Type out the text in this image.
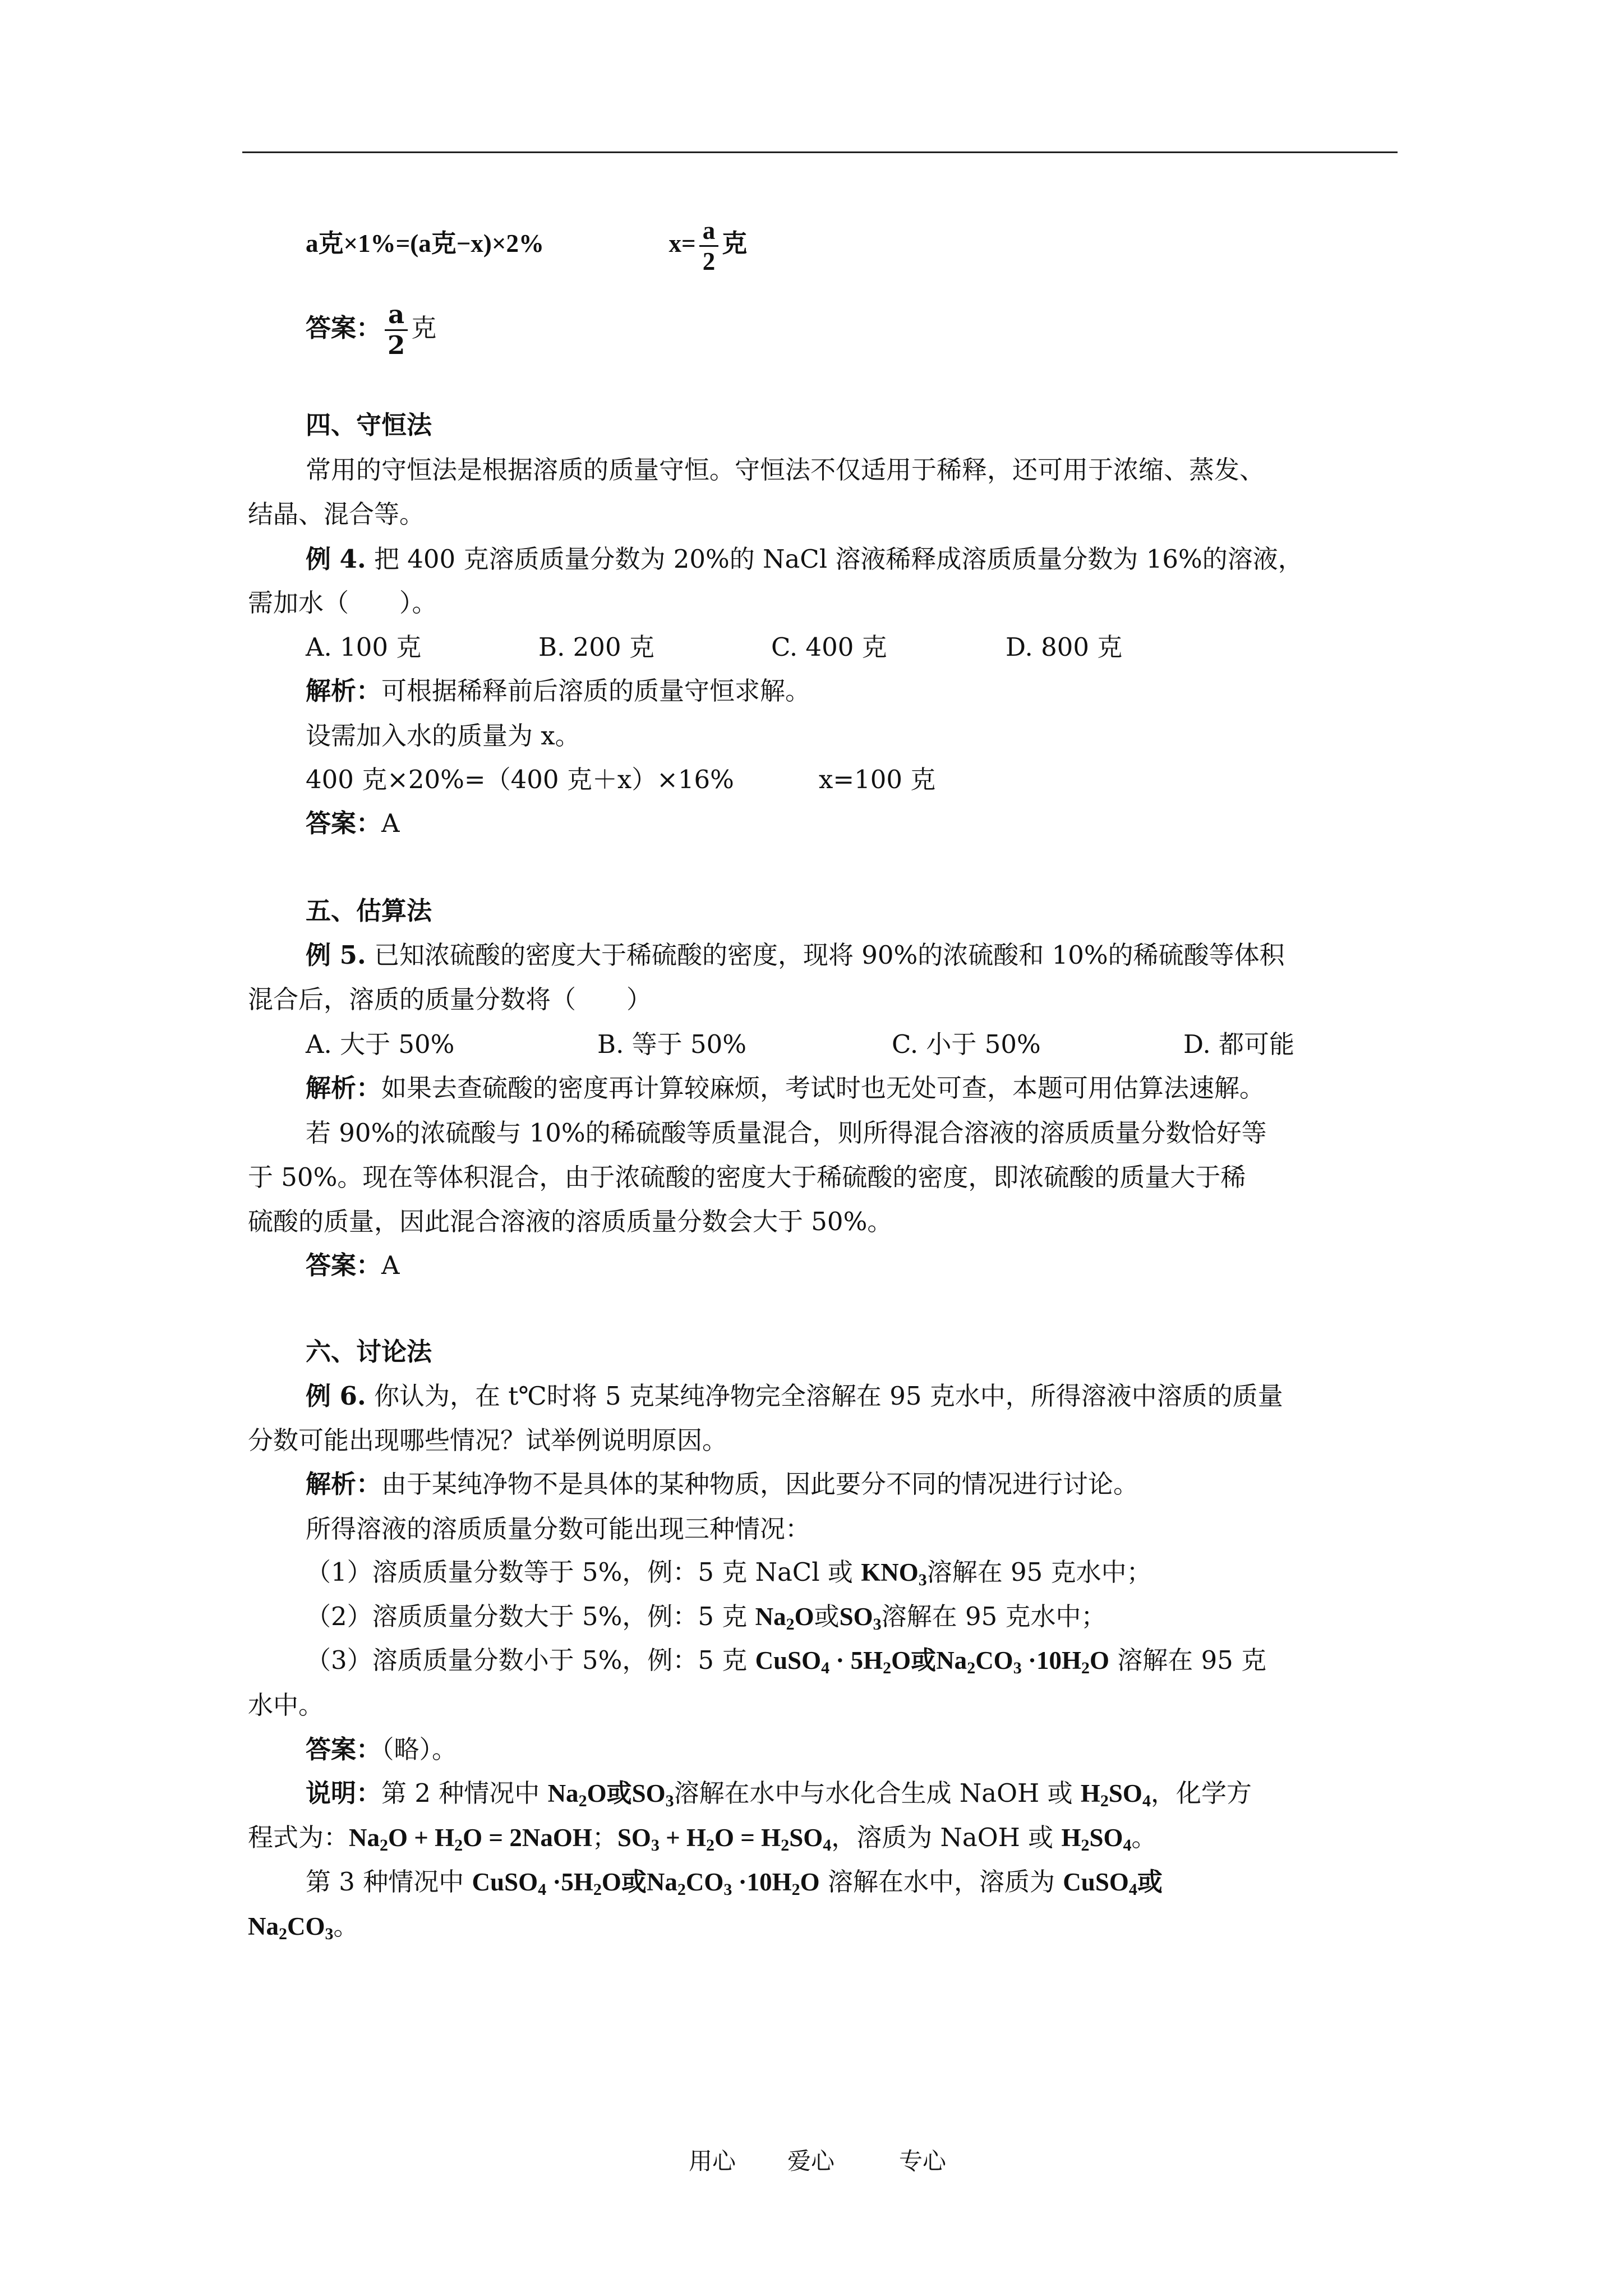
a克×1%=(a克−x)×2%	$x= \frac{a}{2}$ 克
答案： $\frac{a}{2}$ 克
四、守恒法
常用的守恒法是根据溶质的质量守恒。守恒法不仅适用于稀释，还可用于浓缩、蒸发、
结晶、混合等。
例 4. 把 400 克溶质质量分数为 20%的 NaCl 溶液稀释成溶质质量分数为 16%的溶液，
需加水（　　）。
A. 100 克	B. 200 克	C. 400 克	D. 800 克
解析：可根据稀释前后溶质的质量守恒求解。
设需加入水的质量为 x。
400 克×20%=（400 克＋x）×16%	x=100 克
答案：A
五、估算法
例 5. 已知浓硫酸的密度大于稀硫酸的密度，现将 90%的浓硫酸和 10%的稀硫酸等体积
混合后，溶质的质量分数将（　　）
A. 大于 50%	B. 等于 50%	C. 小于 50%	D. 都可能
解析：如果去查硫酸的密度再计算较麻烦，考试时也无处可查，本题可用估算法速解。
若 90%的浓硫酸与 10%的稀硫酸等质量混合，则所得混合溶液的溶质质量分数恰好等
于 50%。现在等体积混合，由于浓硫酸的密度大于稀硫酸的密度，即浓硫酸的质量大于稀
硫酸的质量，因此混合溶液的溶质质量分数会大于 50%。
答案：A
六、讨论法
例 6. 你认为，在 t℃时将 5 克某纯净物完全溶解在 95 克水中，所得溶液中溶质的质量
分数可能出现哪些情况？试举例说明原因。
解析：由于某纯净物不是具体的某种物质，因此要分不同的情况进行讨论。
所得溶液的溶质质量分数可能出现三种情况：
（1）溶质质量分数等于 5%，例：5 克 NaCl 或 $KNO_3$溶解在 95 克水中；
（2）溶质质量分数大于 5%，例：5 克 $Na_2O$或$SO_3$溶解在 95 克水中；
（3）溶质质量分数小于 5%，例：5 克 CuSO$_4$ · $5H_2O$或$Na_2CO_3 \cdot 10H_2O$ 溶解在 95 克
水中。
答案：（略）。
说明：第 2 种情况中 $Na_2O$或$SO_3$溶解在水中与水化合生成 NaOH 或 $H_2SO_4$，化学方
程式为：$Na_2O + H_2O$ = 2NaOH；$SO_3 + H_2O = H_2SO_4$，溶质为 NaOH 或 $H_2SO_4$。
第 3 种情况中 CuSO$_4$ $\cdot 5H_2O$或$Na_2CO_3 \cdot 10H_2O$ 溶解在水中，溶质为 CuSO$_4$或
$Na_2CO_3$。
用心 爱心	专心
